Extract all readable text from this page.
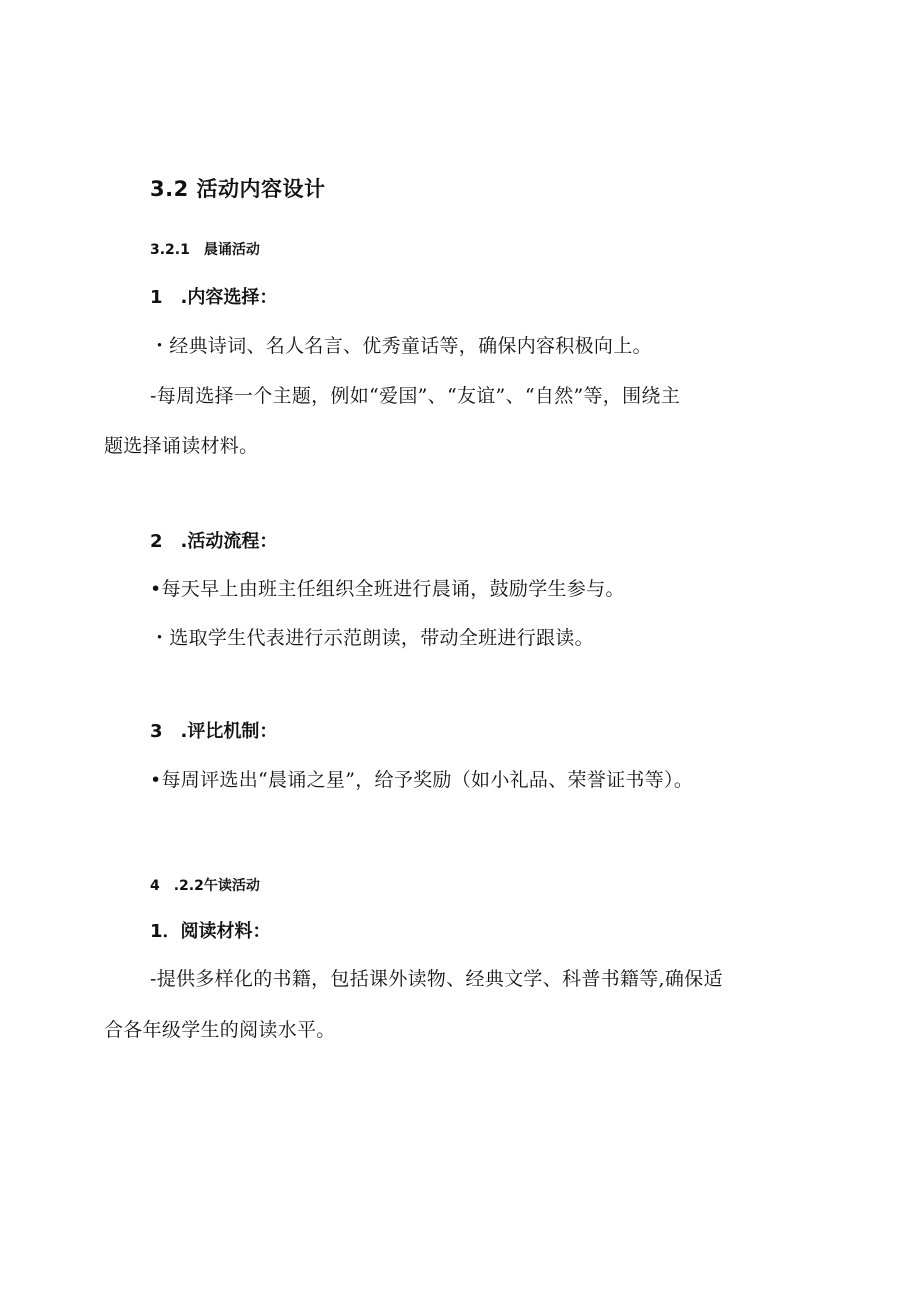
3.2 活动内容设计

3.2.1　晨诵活动

1　.内容选择：

・经典诗词、名人名言、优秀童话等，确保内容积极向上。

-每周选择一个主题，例如“爱国”、“友谊”、“自然”等，围绕主

题选择诵读材料。

2　.活动流程：

•每天早上由班主任组织全班进行晨诵，鼓励学生参与。

・选取学生代表进行示范朗读，带动全班进行跟读。

3　.评比机制：

•每周评选出“晨诵之星”，给予奖励（如小礼品、荣誉证书等）。

4　.2.2午读活动

1．阅读材料：

-提供多样化的书籍，包括课外读物、经典文学、科普书籍等,确保适

合各年级学生的阅读水平。
